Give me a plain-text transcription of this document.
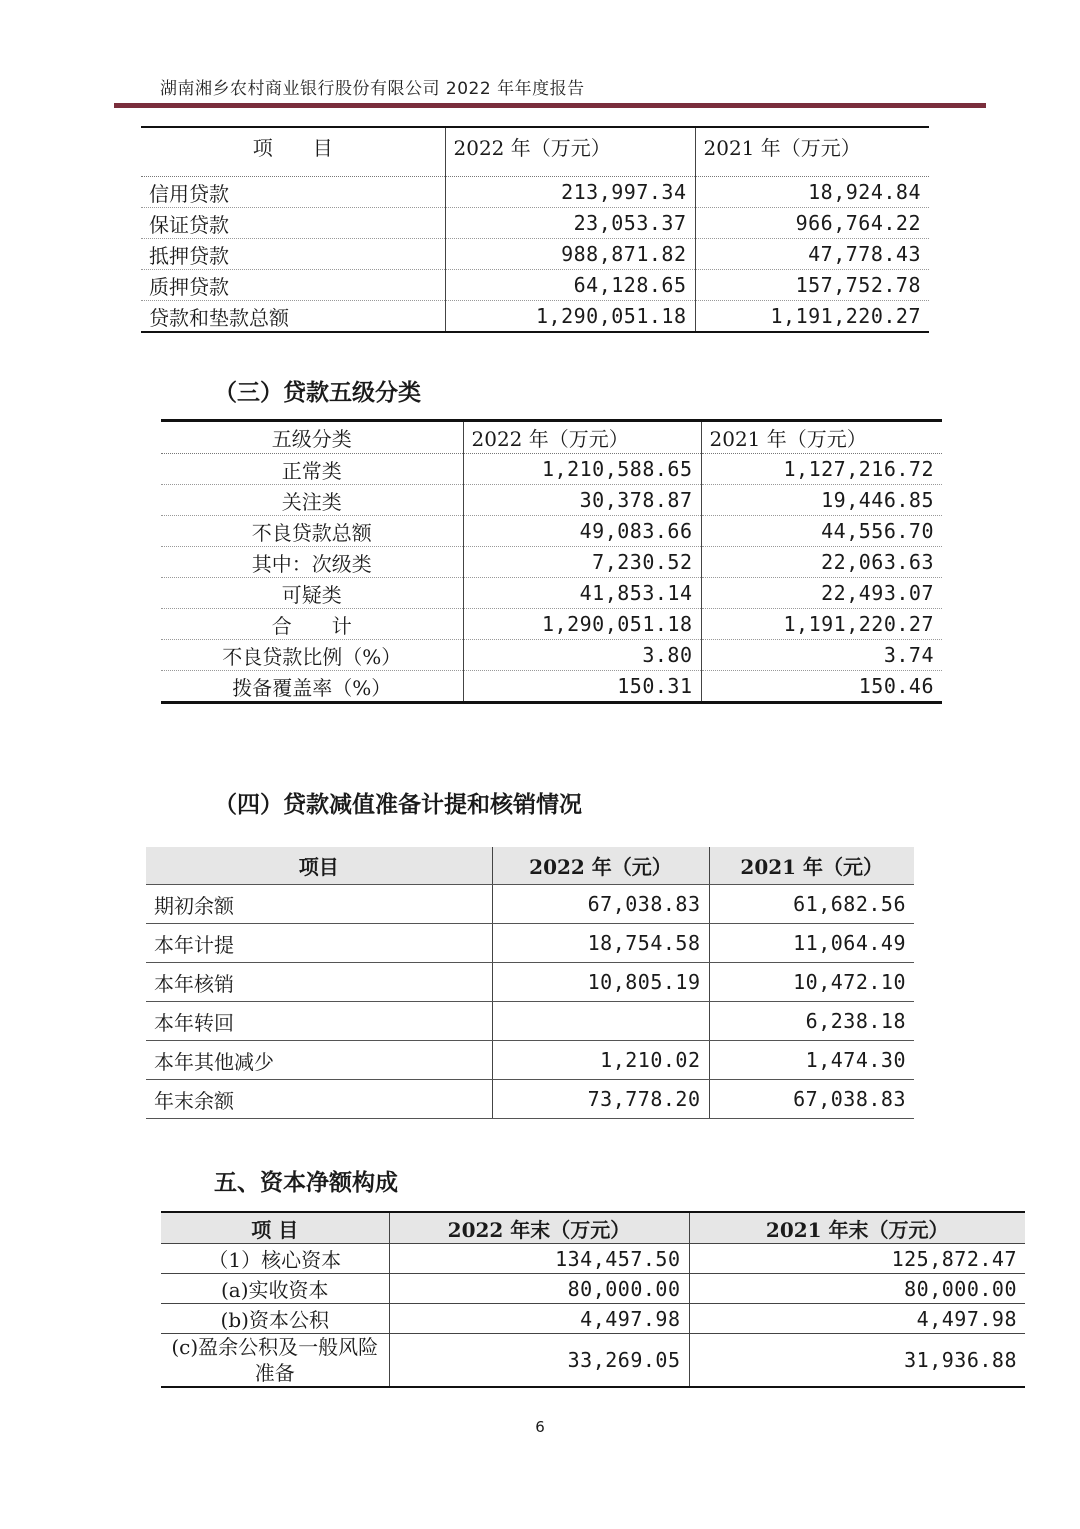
湖南湘乡农村商业银行股份有限公司 2022 年年度报告
项　　目	2022 年（万元）	2021 年（万元）
信用贷款	213,997.34	18,924.84
保证贷款	23,053.37	966,764.22
抵押贷款	988,871.82	47,778.43
质押贷款	64,128.65	157,752.78
贷款和垫款总额	1,290,051.18	1,191,220.27
（三）贷款五级分类
五级分类	2022 年（万元）	2021 年（万元）
正常类	1,210,588.65	1,127,216.72
关注类	30,378.87	19,446.85
不良贷款总额	49,083.66	44,556.70
其中：次级类	7,230.52	22,063.63
可疑类	41,853.14	22,493.07
合　　计	1,290,051.18	1,191,220.27
不良贷款比例（%）	3.80	3.74
拨备覆盖率（%）	150.31	150.46
（四）贷款减值准备计提和核销情况
项目	2022 年（元）	2021 年（元）
期初余额	67,038.83	61,682.56
本年计提	18,754.58	11,064.49
本年核销	10,805.19	10,472.10
本年转回		6,238.18
本年其他减少	1,210.02	1,474.30
年末余额	73,778.20	67,038.83
五、资本净额构成
项 目	2022 年末（万元）	2021 年末（万元）
（1）核心资本	134,457.50	125,872.47
(a)实收资本	80,000.00	80,000.00
(b)资本公积	4,497.98	4,497.98
(c)盈余公积及一般风险准备	33,269.05	31,936.88
6
